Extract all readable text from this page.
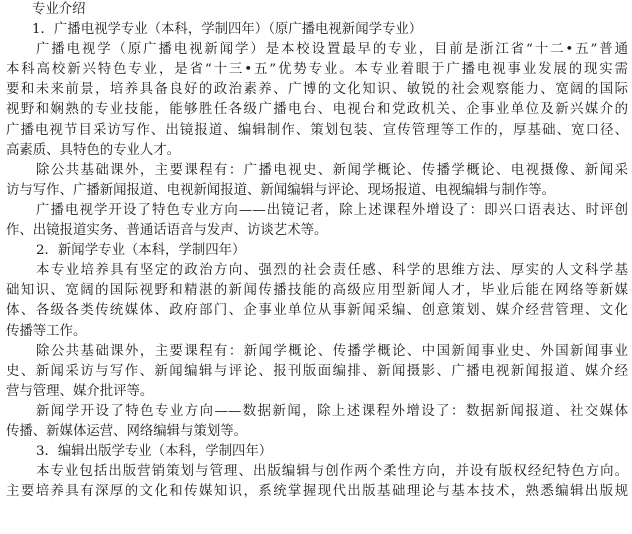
专业介绍
1．广播电视学专业（本科，学制四年）（原广播电视新闻学专业）
广播电视学（原广播电视新闻学）是本校设置最早的专业，目前是浙江省“十二•五”普通
本科高校新兴特色专业，是省“十三•五”优势专业。本专业着眼于广播电视事业发展的现实需
要和未来前景，培养具备良好的政治素养、广博的文化知识、敏锐的社会观察能力、宽阔的国际
视野和娴熟的专业技能，能够胜任各级广播电台、电视台和党政机关、企事业单位及新兴媒介的
广播电视节目采访写作、出镜报道、编辑制作、策划包装、宣传管理等工作的，厚基础、宽口径、
高素质、具特色的专业人才。
除公共基础课外，主要课程有：广播电视史、新闻学概论、传播学概论、电视摄像、新闻采
访与写作、广播新闻报道、电视新闻报道、新闻编辑与评论、现场报道、电视编辑与制作等。
广播电视学开设了特色专业方向——出镜记者，除上述课程外增设了：即兴口语表达、时评创
作、出镜报道实务、普通话语音与发声、访谈艺术等。
2．新闻学专业（本科，学制四年）
本专业培养具有坚定的政治方向、强烈的社会责任感、科学的思维方法、厚实的人文科学基
础知识、宽阔的国际视野和精湛的新闻传播技能的高级应用型新闻人才，毕业后能在网络等新媒
体、各级各类传统媒体、政府部门、企事业单位从事新闻采编、创意策划、媒介经营管理、文化
传播等工作。
除公共基础课外，主要课程有：新闻学概论、传播学概论、中国新闻事业史、外国新闻事业
史、新闻采访与写作、新闻编辑与评论、报刊版面编排、新闻摄影、广播电视新闻报道、媒介经
营与管理、媒介批评等。
新闻学开设了特色专业方向——数据新闻，除上述课程外增设了：数据新闻报道、社交媒体
传播、新媒体运营、网络编辑与策划等。
3．编辑出版学专业（本科，学制四年）
本专业包括出版营销策划与管理、出版编辑与创作两个柔性方向，并设有版权经纪特色方向。
主要培养具有深厚的文化和传媒知识，系统掌握现代出版基础理论与基本技术，熟悉编辑出版规
